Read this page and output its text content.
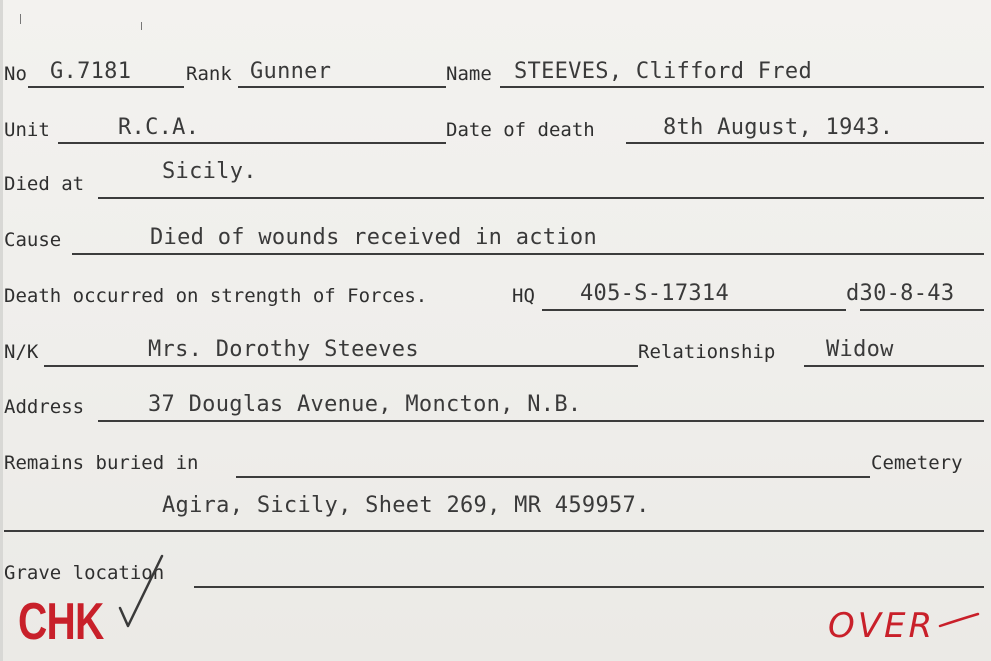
No G.7181	Rank Gunner	Name STEEVES, Clifford Fred
Unit	R.C.A.	Date of death	8th August, 1943.
Died at	Sicily.
Cause	Died of wounds received in action
Death occurred on strength of Forces.	HQ 405-S-17314	d30-8-43
N/K	Mrs. Dorothy Steeves	Relationship Widow
Address	37 Douglas Avenue, Moncton, N.B.
Remains buried in	Cemetery
Agira, Sicily, Sheet 269, MR 459957.
Grave location
CHK	OVER
